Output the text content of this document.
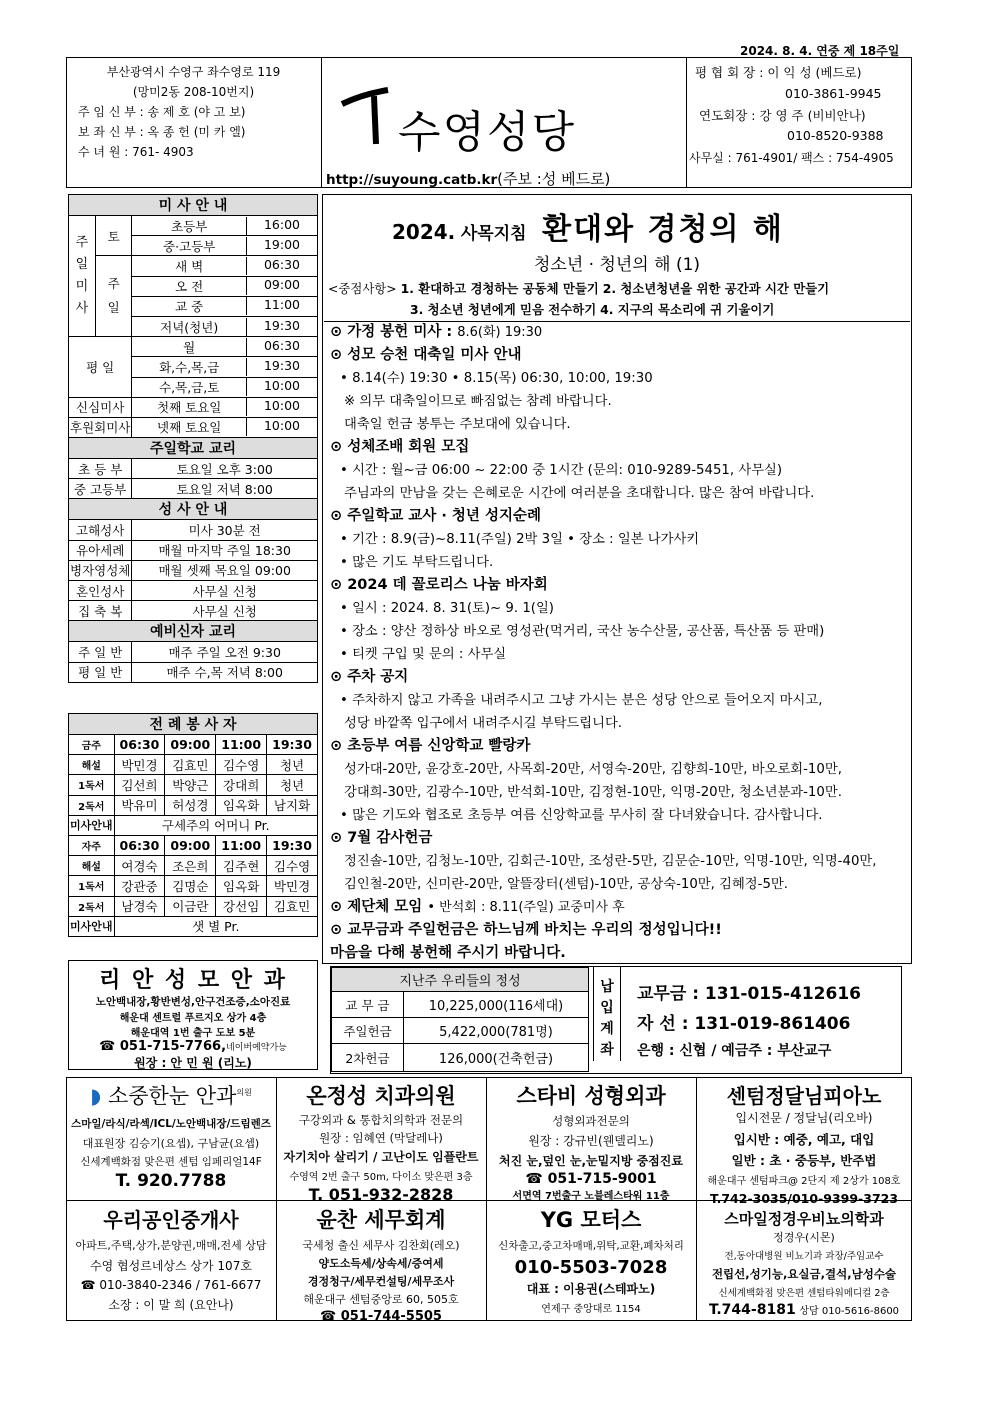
2024. 8. 4. 연중 제 18주일
부산광역시 수영구 좌수영로 119
(망미2동 208-10번지)
주 임 신 부 : 송 제 호 (야 고 보)
보 좌 신 부 : 옥 종 헌 (미 카 엘)
수 녀 원 : 761- 4903	수영성당
http://suyoung.catb.kr(주보 :성 베드로)
평 협 회 장 : 이 익 성 (베드로)
010-3861-9945
연도회장 : 강 영 주 (비비안나)
010-8520-9388
사무실 : 761-4901/ 팩스 : 754-4905
미 사 안 내		
주
일
미
사	토	초등부 16:00

		중·고등부 19:00

	주
일	새 벽 06:30

		오 전 09:00

		교 중 11:00

		저녁(청년) 19:30

평 일		월 06:30

		화,수,목,금 19:30

		수,목,금,토 10:00

신심미사		첫째 토요일 10:00

후원회미사		넷째 토요일 10:00

주일학교 교리		
초 등 부		토요일 오후 3:00
중 고등부		토요일 저녁 8:00
성 사 안 내		
고해성사		미사 30분 전
유아세례		매월 마지막 주일 18:30
병자영성체		매월 셋째 목요일 09:00
혼인성사		사무실 신청
집 축 복		사무실 신청
예비신자 교리		
주 일 반		매주 주일 오전 9:30
평 일 반		매주 수,목 저녁 8:00
전 례 봉 사 자				
금주	06:30	09:00	11:00	19:30
해설	박민경	김효민	김수영	청년
1독서	김선희	박양근	강대희	청년
2독서	박유미	허성경	임옥화	남지화
미사안내	구세주의 어머니 Pr.			
자주	06:30	09:00	11:00	19:30
해설	여경숙	조은희	김주현	김수영
1독서	강관중	김명순	임옥화	박민경
2독서	남경숙	이금란	강선임	김효민
미사안내	샛 별 Pr.			
리 안 성 모 안 과
노안백내장,황반변성,안구건조증,소아진료
해운대 센트럴 푸르지오 상가 4층
해운대역 1번 출구 도보 5분
☎ 051-715-7766,네이버예약가능
원장 : 안 민 원 (리노)
2024. 사목지침 환대와 경청의 해
청소년 · 청년의 해 (1)
<중점사항> 1. 환대하고 경청하는 공동체 만들기 2. 청소년청년을 위한 공간과 시간 만들기
3. 청소년 청년에게 믿음 전수하기 4. 지구의 목소리에 귀 기울이기
⊙ 가정 봉헌 미사 : 8.6(화) 19:30
⊙ 성모 승천 대축일 미사 안내
• 8.14(수) 19:30 • 8.15(목) 06:30, 10:00, 19:30
※ 의무 대축일이므로 빠짐없는 참례 바랍니다.
대축일 헌금 봉투는 주보대에 있습니다.
⊙ 성체조배 회원 모집
• 시간 : 월~금 06:00 ~ 22:00 중 1시간 (문의: 010-9289-5451, 사무실)
주님과의 만남을 갖는 은혜로운 시간에 여러분을 초대합니다. 많은 참여 바랍니다.
⊙ 주일학교 교사 · 청년 성지순례
• 기간 : 8.9(금)~8.11(주일) 2박 3일 • 장소 : 일본 나가사키
• 많은 기도 부탁드립니다.
⊙ 2024 데 꼴로리스 나눔 바자회
• 일시 : 2024. 8. 31(토)~ 9. 1(일)
• 장소 : 양산 정하상 바오로 영성관(먹거리, 국산 농수산물, 공산품, 특산품 등 판매)
• 티켓 구입 및 문의 : 사무실
⊙ 주차 공지
• 주차하지 않고 가족을 내려주시고 그냥 가시는 분은 성당 안으로 들어오지 마시고,
성당 바깥쪽 입구에서 내려주시길 부탁드립니다.
⊙ 초등부 여름 신앙학교 빨랑카
성가대-20만, 윤강호-20만, 사목회-20만, 서영숙-20만, 김향희-10만, 바오로회-10만,
강대희-30만, 김광수-10만, 반석회-10만, 김정현-10만, 익명-20만, 청소년분과-10만.
• 많은 기도와 협조로 초등부 여름 신앙학교를 무사히 잘 다녀왔습니다. 감사합니다.
⊙ 7월 감사헌금
정진솔-10만, 김청노-10만, 김회근-10만, 조성란-5만, 김문순-10만, 익명-10만, 익명-40만,
김인철-20만, 신미란-20만, 알뜰장터(센텀)-10만, 공상숙-10만, 김혜정-5만.
⊙ 제단체 모임 • 반석회 : 8.11(주일) 교중미사 후
⊙ 교무금과 주일헌금은 하느님께 바치는 우리의 정성입니다!!
마음을 다해 봉헌해 주시기 바랍니다.
지난주 우리들의 정성	
교 무 금	10,225,000(116세대)
주일헌금	5,422,000(781명)
2차헌금	126,000(건축헌금)
납
입
계
좌
교무금 : 131-015-412616
자 선 : 131-019-861406
은행 : 신협 / 예금주 : 부산교구
◗ 소중한눈 안과$^{의원}$
스마일/라식/라섹/ICL/노안백내장/드림렌즈
대표원장 김승기(요셉), 구남균(요셉)
신세계백화점 맞은편 센텀 임페리얼14F
T. 920.7788
온정성 치과의원
구강외과 & 통합치의학과 전문의
원장 : 임혜연 (막달레나)
자기치아 살리기 / 고난이도 임플란트
수영역 2번 출구 50m, 다이소 맞은편 3층
T. 051-932-2828
스타비 성형외과
성형외과전문의
원장 : 강규빈(웬델리노)
처진 눈,덮인 눈,눈밑지방 중점진료
☎ 051-715-9001
서면역 7번출구 노블레스타워 11층
센텀정달님피아노
입시전문 / 정달님(리오바)
입시반 : 예중, 예고, 대입
일반 : 초 · 중등부, 반주법
해운대구 센텀파크@ 2단지 제 2상가 108호
T.742-3035/010-9399-3723
우리공인중개사
아파트,주택,상가,분양권,매매,전세 상담
수영 협성르네상스 상가 107호
☎ 010-3840-2346 / 761-6677
소장 : 이 말 희 (요안나)
윤찬 세무회계
국세청 출신 세무사 김찬회(레오)
양도소득세/상속세/증여세
경정청구/세무컨설팅/세무조사
해운대구 센텀중앙로 60, 505호
☎ 051-744-5505
YG 모터스
신차출고,중고차매매,위탁,교환,폐차처리
010-5503-7028
대표 : 이용권(스테파노)
연제구 중앙대로 1154
스마일정경우비뇨의학과
정경우(시몬)
전,동아대병원 비뇨기과 과장/주임교수
전립선,성기능,요실금,결석,남성수술
신세계백화점 맞은편 센텀타워메디컬 2층
T.744-8181 상담 010-5616-8600
